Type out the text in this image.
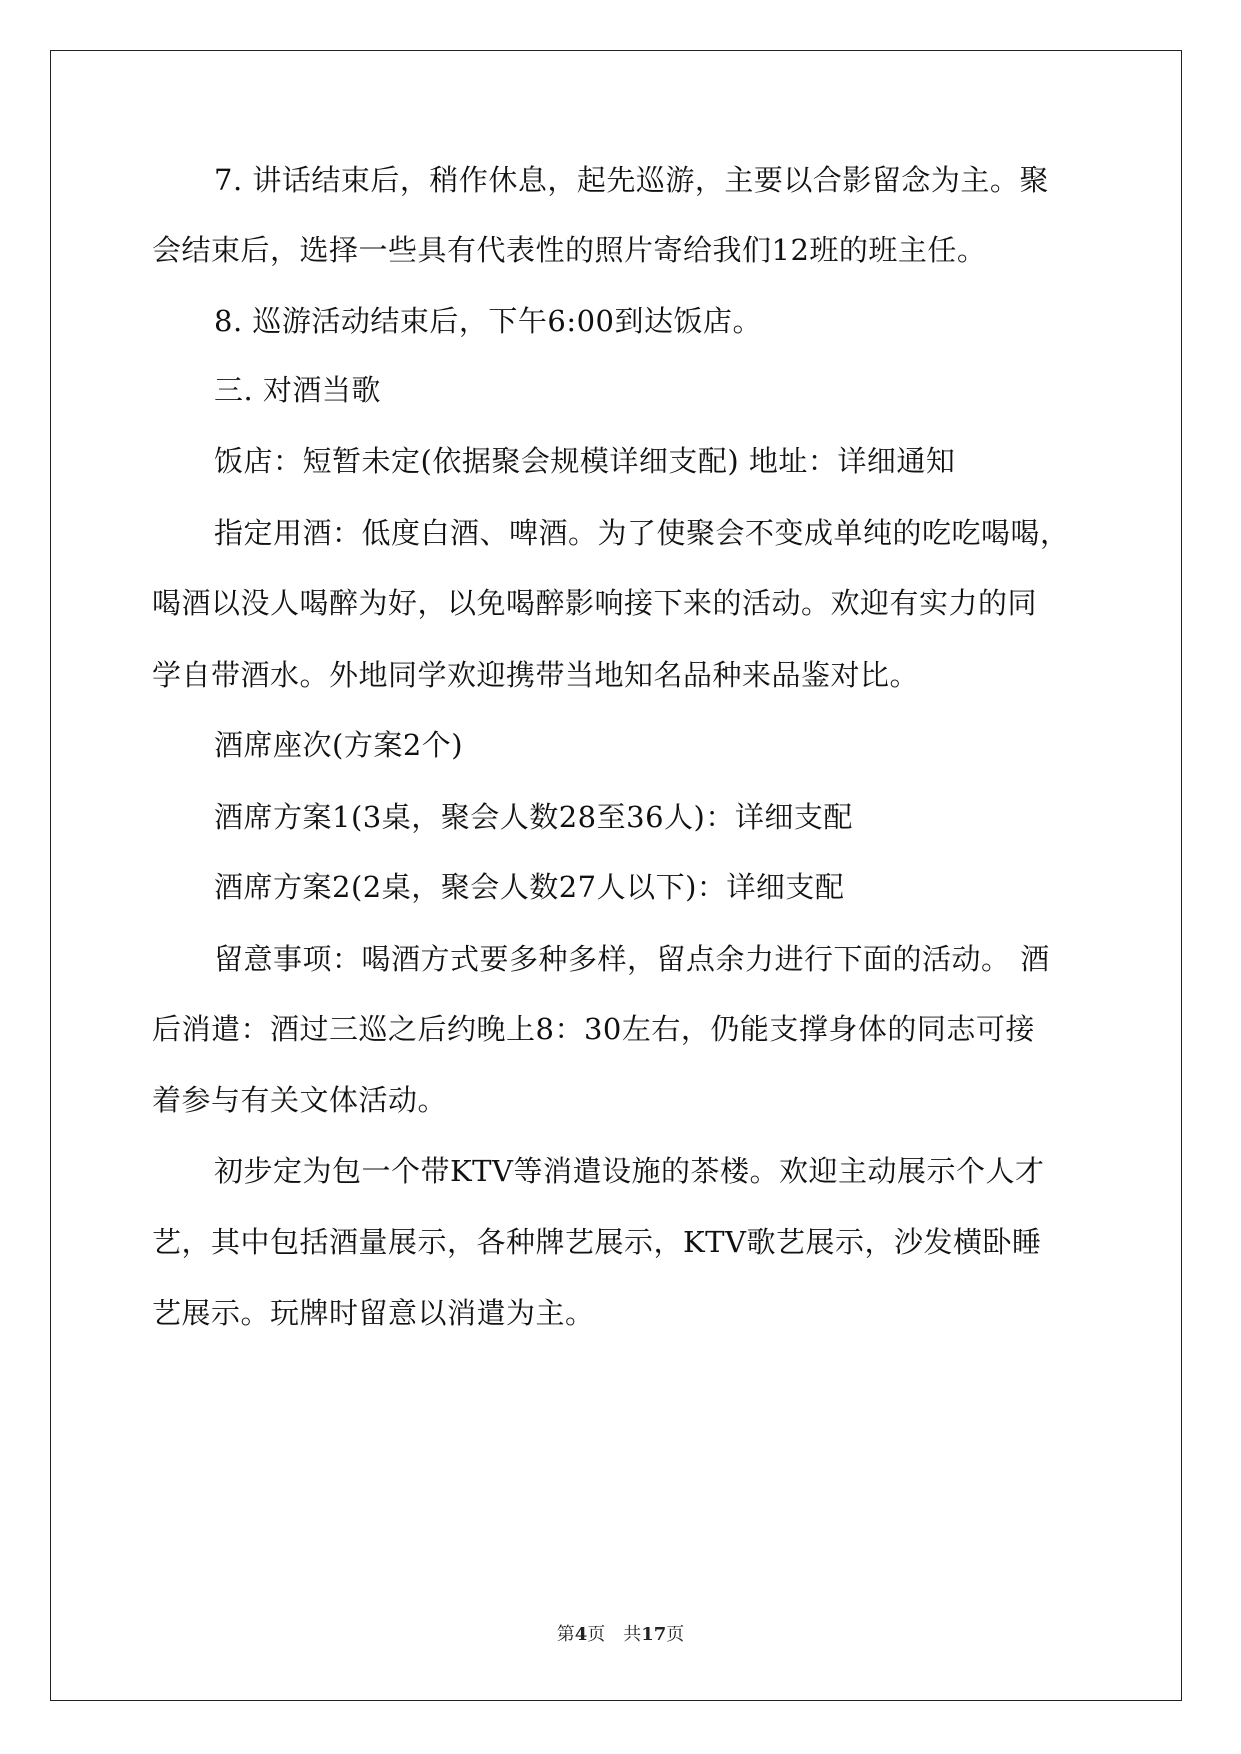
7. 讲话结束后，稍作休息，起先巡游，主要以合影留念为主。聚
会结束后，选择一些具有代表性的照片寄给我们12班的班主任。
8. 巡游活动结束后，下午6:00到达饭店。
三. 对酒当歌
饭店：短暂未定(依据聚会规模详细支配) 地址：详细通知
指定用酒：低度白酒、啤酒。为了使聚会不变成单纯的吃吃喝喝，
喝酒以没人喝醉为好，以免喝醉影响接下来的活动。欢迎有实力的同
学自带酒水。外地同学欢迎携带当地知名品种来品鉴对比。
酒席座次(方案2个)
酒席方案1(3桌，聚会人数28至36人)：详细支配
酒席方案2(2桌，聚会人数27人以下)：详细支配
留意事项：喝酒方式要多种多样，留点余力进行下面的活动。 酒
后消遣：酒过三巡之后约晚上8：30左右，仍能支撑身体的同志可接
着参与有关文体活动。
初步定为包一个带KTV等消遣设施的茶楼。欢迎主动展示个人才
艺，其中包括酒量展示，各种牌艺展示，KTV歌艺展示，沙发横卧睡
艺展示。玩牌时留意以消遣为主。
第4页　共17页
